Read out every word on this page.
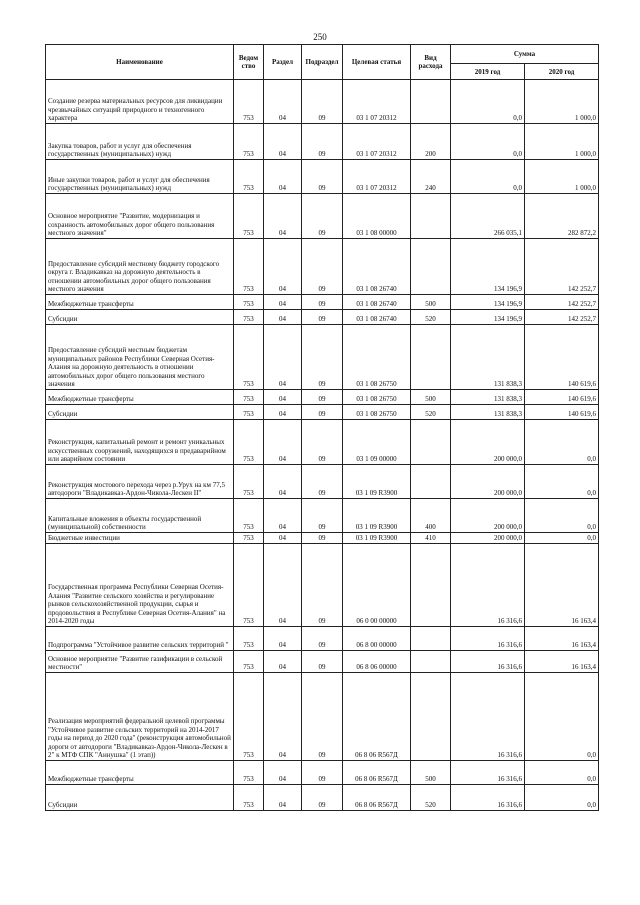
250
Наименование	Ведом ство	Раздел	Подраздел	Целевая статья	Вид расхода	Сумма	
						2019 год	2020 год
Создание резерва материальных ресурсов для ликвидации чрезвычайных ситуаций природного и техногенного характера	753	04	09	03 1 07 20312		0,0	1 000,0
Закупка товаров, работ и услуг для обеспечения государственных (муниципальных) нужд	753	04	09	03 1 07 20312	200	0,0	1 000,0
Иные закупки товаров, работ и услуг для обеспечения государственных (муниципальных) нужд	753	04	09	03 1 07 20312	240	0,0	1 000,0
Основное мероприятие "Развитие, модернизация и сохранность автомобильных дорог общего пользования местного значения"	753	04	09	03 1 08 00000		266 035,1	282 872,2
Предоставление субсидий местному бюджету городского округа г. Владикавказ на дорожную деятельность в отношении автомобильных дорог общего пользования местного значения	753	04	09	03 1 08 26740		134 196,9	142 252,7
Межбюджетные трансферты	753	04	09	03 1 08 26740	500	134 196,9	142 252,7
Субсидии	753	04	09	03 1 08 26740	520	134 196,9	142 252,7
Предоставление субсидий местным бюджетам муниципальных районов Республики Северная Осетия-Алания на дорожную деятельность в отношении автомобильных дорог общего пользования местного значения	753	04	09	03 1 08 26750		131 838,3	140 619,6
Межбюджетные трансферты	753	04	09	03 1 08 26750	500	131 838,3	140 619,6
Субсидии	753	04	09	03 1 08 26750	520	131 838,3	140 619,6
Реконструкция, капитальный ремонт и ремонт уникальных искусственных сооружений, находящихся в предаварийном или аварийном состоянии	753	04	09	03 1 09 00000		200 000,0	0,0
Реконструкция мостового перехода через р.Урух на км 77,5 автодороги "Владикавказ-Ардон-Чикола-Лескен II"	753	04	09	03 1 09 R3900		200 000,0	0,0
Капитальные вложения в объекты государственной (муниципальной) собственности	753	04	09	03 1 09 R3900	400	200 000,0	0,0
Бюджетные инвестиции	753	04	09	03 1 09 R3900	410	200 000,0	0,0
Государственная программа Республики Северная Осетия-Алания "Развитие сельского хозяйства и регулирование рынков сельскохозяйственной продукции, сырья и продовольствия в Республике Северная Осетия-Алания" на 2014-2020 годы	753	04	09	06 0 00 00000		16 316,6	16 163,4
Подпрограмма "Устойчивое развитие сельских территорий "	753	04	09	06 8 00 00000		16 316,6	16 163,4
Основное мероприятие "Развитие газификации в сельской местности"	753	04	09	06 8 06 00000		16 316,6	16 163,4
Реализация мероприятий федеральной целевой программы "Устойчивое развитие сельских территорий на 2014-2017 годы на период до 2020 года" (реконструкция автомобильной дороги от автодороги "Владикавказ-Ардон-Чикола-Лескен в 2" к МТФ СПК "Аннушка" (1 этап))	753	04	09	06 8 06 R567Д		16 316,6	0,0
Межбюджетные трансферты	753	04	09	06 8 06 R567Д	500	16 316,6	0,0
Субсидии	753	04	09	06 8 06 R567Д	520	16 316,6	0,0
